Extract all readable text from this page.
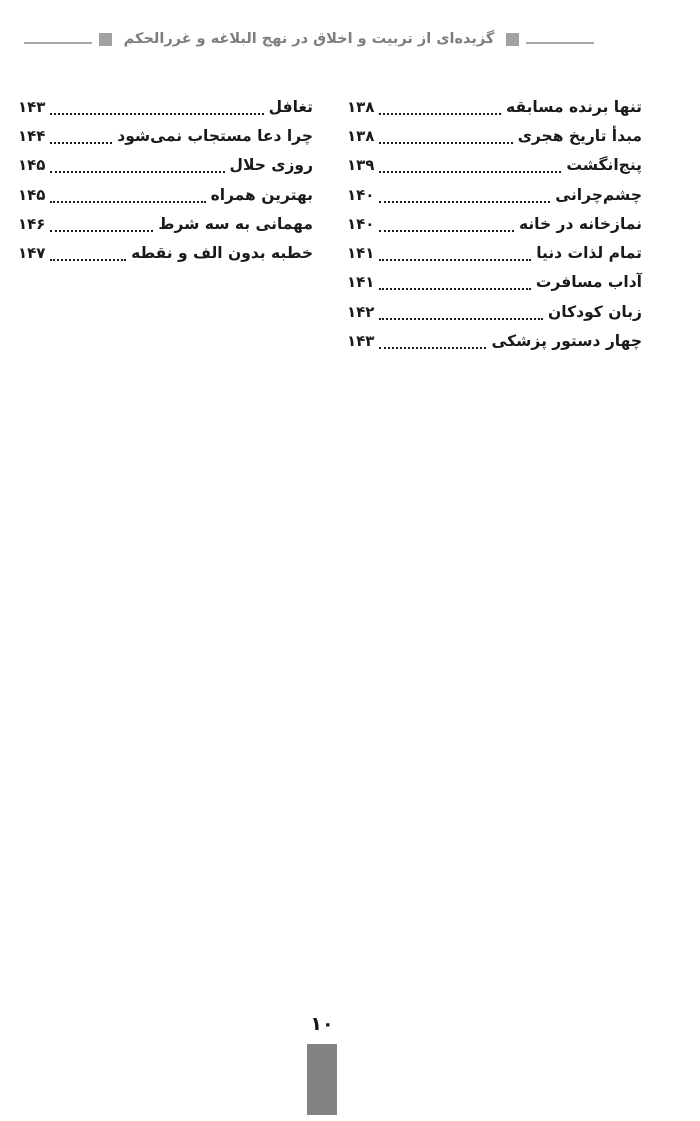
گزیده‌ای از تربیت و اخلاق در نهج البلاغه و غررالحکم
تنها برنده مسابقه
۱۳۸
مبدأ تاریخ هجری
۱۳۸
پنج‌انگشت
۱۳۹
چشم‌چرانی
۱۴۰
نمازخانه در خانه
۱۴۰
تمام لذات دنیا
۱۴۱
آداب مسافرت
۱۴۱
زبان کودکان
۱۴۲
چهار دستور پزشکی
۱۴۳
تغافل
۱۴۳
چرا دعا مستجاب نمی‌شود
۱۴۴
روزی حلال
۱۴۵
بهترین همراه
۱۴۵
مهمانی به سه شرط
۱۴۶
خطبه بدون الف و نقطه
۱۴۷
۱۰
